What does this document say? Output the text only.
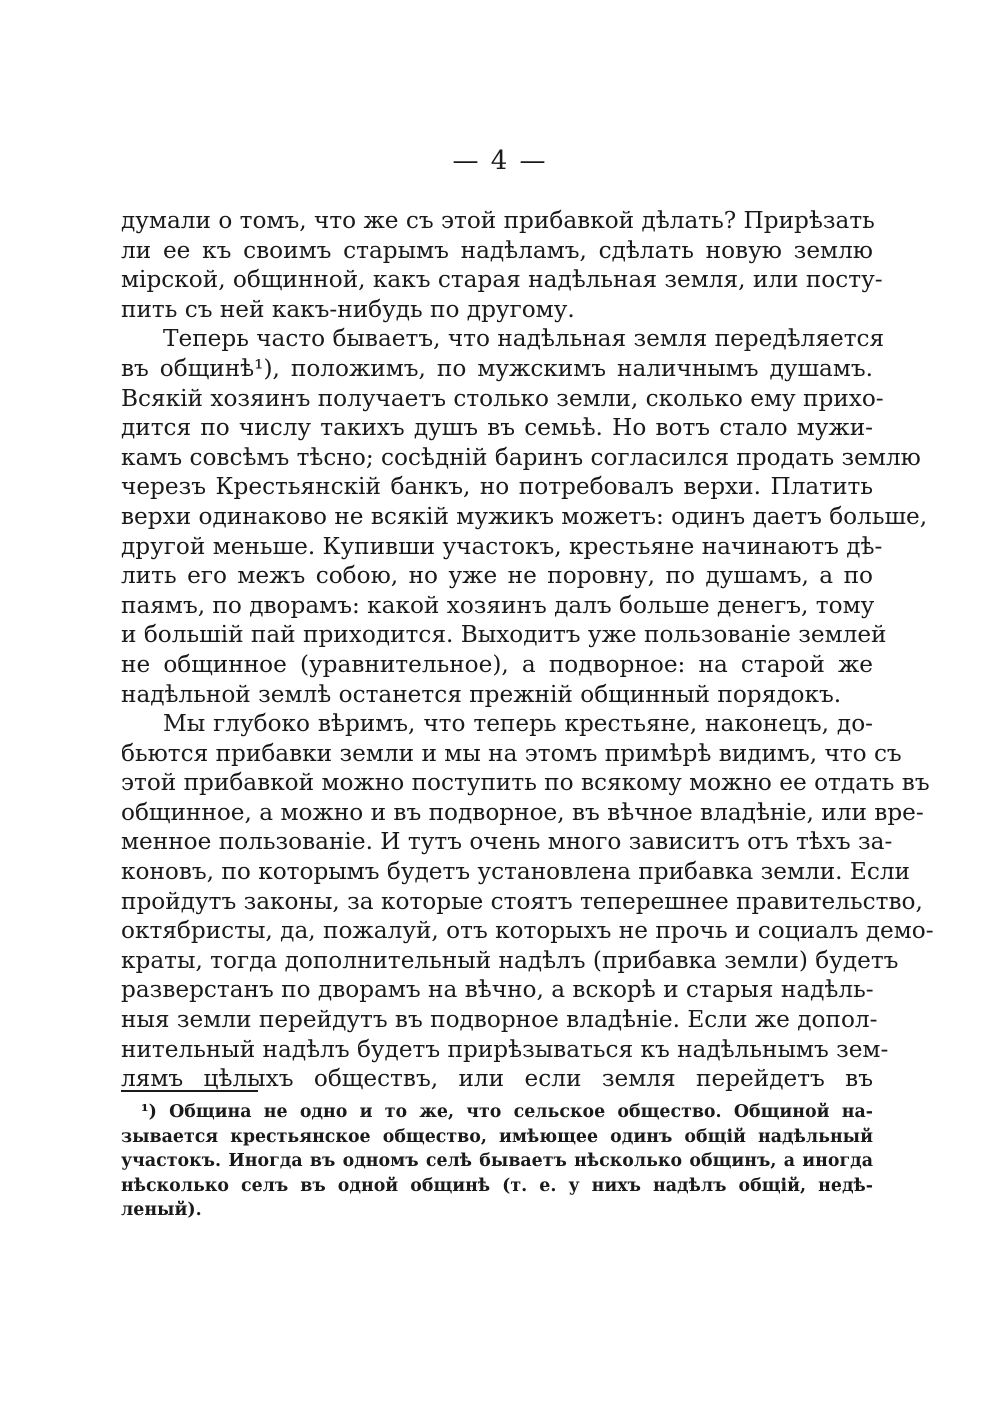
— 4 —
думали о томъ, что же съ этой прибавкой дѣлать? Прирѣзать
ли ее къ своимъ старымъ надѣламъ, сдѣлать новую землю
мірской, общинной, какъ старая надѣльная земля, или посту-
пить съ ней какъ-нибудь по другому.
Теперь часто бываетъ, что надѣльная земля передѣляется
въ общинѣ¹), положимъ, по мужскимъ наличнымъ душамъ.
Всякій хозяинъ получаетъ столько земли, сколько ему прихо-
дится по числу такихъ душъ въ семьѣ. Но вотъ стало мужи-
камъ совсѣмъ тѣсно; сосѣдній баринъ согласился продать землю
черезъ Крестьянскій банкъ, но потребовалъ верхи. Платить
верхи одинаково не всякій мужикъ можетъ: одинъ даетъ больше,
другой меньше. Купивши участокъ, крестьяне начинаютъ дѣ-
лить его межъ собою, но уже не поровну, по душамъ, а по
паямъ, по дворамъ: какой хозяинъ далъ больше денегъ, тому
и большій пай приходится. Выходитъ уже пользованіе землей
не общинное (уравнительное), а подворное: на старой же
надѣльной землѣ останется прежній общинный порядокъ.
Мы глубоко вѣримъ, что теперь крестьяне, наконецъ, до-
бьются прибавки земли и мы на этомъ примѣрѣ видимъ, что съ
этой прибавкой можно поступить по всякому можно ее отдать въ
общинное, а можно и въ подворное, въ вѣчное владѣніе, или вре-
менное пользованіе. И тутъ очень много зависитъ отъ тѣхъ за-
коновъ, по которымъ будетъ установлена прибавка земли. Если
пройдутъ законы, за которые стоятъ теперешнее правительство,
октябристы, да, пожалуй, отъ которыхъ не прочь и социалъ демо-
краты, тогда дополнительный надѣлъ (прибавка земли) будетъ
разверстанъ по дворамъ на вѣчно, а вскорѣ и старыя надѣль-
ныя земли перейдутъ въ подворное владѣніе. Если же допол-
нительный надѣлъ будетъ прирѣзываться къ надѣльнымъ зем-
лямъ цѣлыхъ обществъ, или если земля перейдетъ въ
¹) Община не одно и то же, что сельское общество. Общиной на-
зывается крестьянское общество, имѣющее одинъ общій надѣльный
участокъ. Иногда въ одномъ селѣ бываетъ нѣсколько общинъ, а иногда
нѣсколько селъ въ одной общинѣ (т. е. у нихъ надѣлъ общій, недѣ-
леный).
